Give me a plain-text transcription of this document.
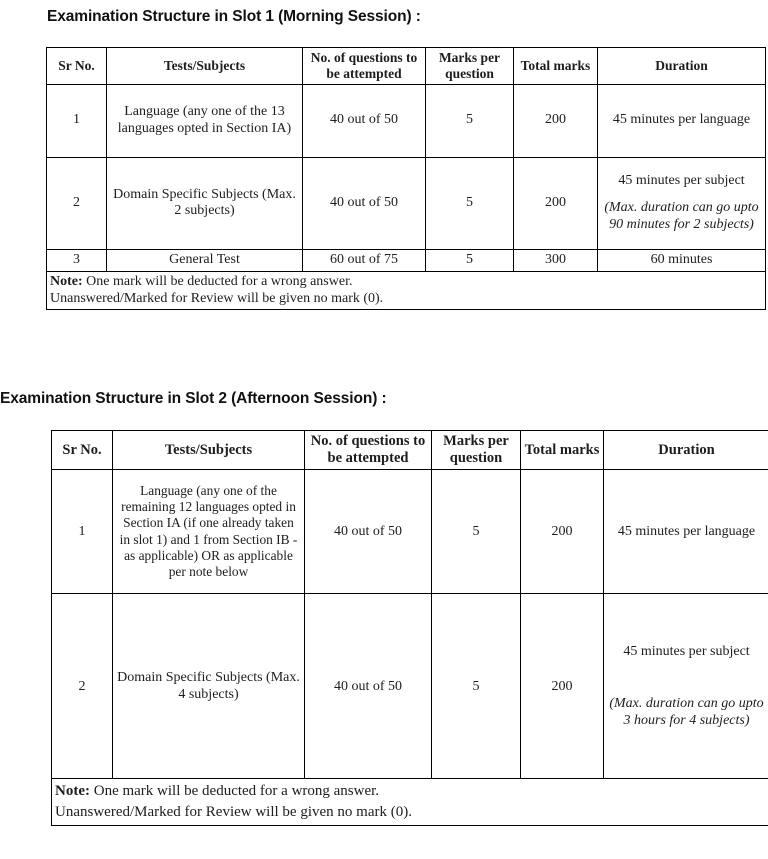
Examination Structure in Slot 1 (Morning Session) :
Sr No.	Tests/Subjects	No. of questions to be attempted	Marks per question	Total marks	Duration
1	Language (any one of the 13 languages opted in Section IA)	40 out of 50	5	200	45 minutes per language

2	Domain Specific Subjects (Max. 2 subjects)	40 out of 50	5	200	45 minutes per subject
(Max. duration can go upto 90 minutes for 2 subjects)

3	General Test	60 out of 75	5	300	60 minutes

Note: One mark will be deducted for a wrong answer.
Unanswered/Marked for Review will be given no mark (0).					
Examination Structure in Slot 2 (Afternoon Session) :
Sr No.	Tests/Subjects	No. of questions to be attempted	Marks per question	Total marks	Duration
1	Language (any one of the remaining 12 languages opted in Section IA (if one already taken in slot 1) and 1 from Section IB - as applicable) OR as applicable per note below	40 out of 50	5	200	45 minutes per language

2	Domain Specific Subjects (Max. 4 subjects)	40 out of 50	5	200	45 minutes per subject
(Max. duration can go upto 3 hours for 4 subjects)

Note: One mark will be deducted for a wrong answer.
Unanswered/Marked for Review will be given no mark (0).					
